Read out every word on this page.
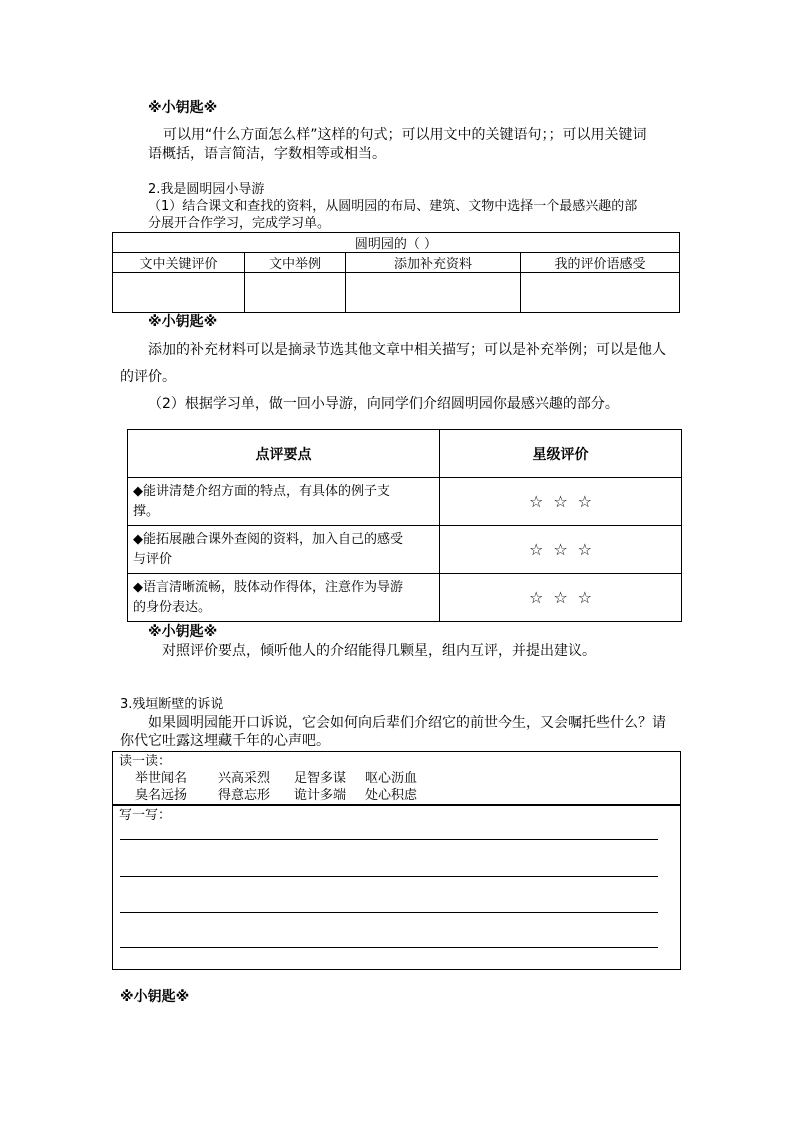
※小钥匙※
可以用“什么方面怎么样”这样的句式；可以用文中的关键语句；；可以用关键词
语概括，语言简洁，字数相等或相当。
2.我是圆明园小导游
（1）结合课文和查找的资料，从圆明园的布局、建筑、文物中选择一个最感兴趣的部
分展开合作学习，完成学习单。
圆明园的（ ）			
文中关键评价	文中举例	添加补充资料	我的评价语感受

※小钥匙※
添加的补充材料可以是摘录节选其他文章中相关描写；可以是补充举例；可以是他人
的评价。
（2）根据学习单，做一回小导游，向同学们介绍圆明园你最感兴趣的部分。
点评要点	星级评价

◆能讲清楚介绍方面的特点，有具体的例子支
撑。	☆ ☆ ☆

◆能拓展融合课外查阅的资料，加入自己的感受
与评价	☆ ☆ ☆

◆语言清晰流畅，肢体动作得体，注意作为导游
的身份表达。	☆ ☆ ☆
※小钥匙※
对照评价要点，倾听他人的介绍能得几颗星，组内互评，并提出建议。
3.残垣断壁的诉说
如果圆明园能开口诉说，它会如何向后辈们介绍它的前世今生，又会嘱托些什么？请
你代它吐露这埋藏千年的心声吧。
读一读：
举世闻名 兴高采烈 足智多谋 呕心沥血
臭名远扬 得意忘形 诡计多端 处心积虑
写一写：
※小钥匙※
